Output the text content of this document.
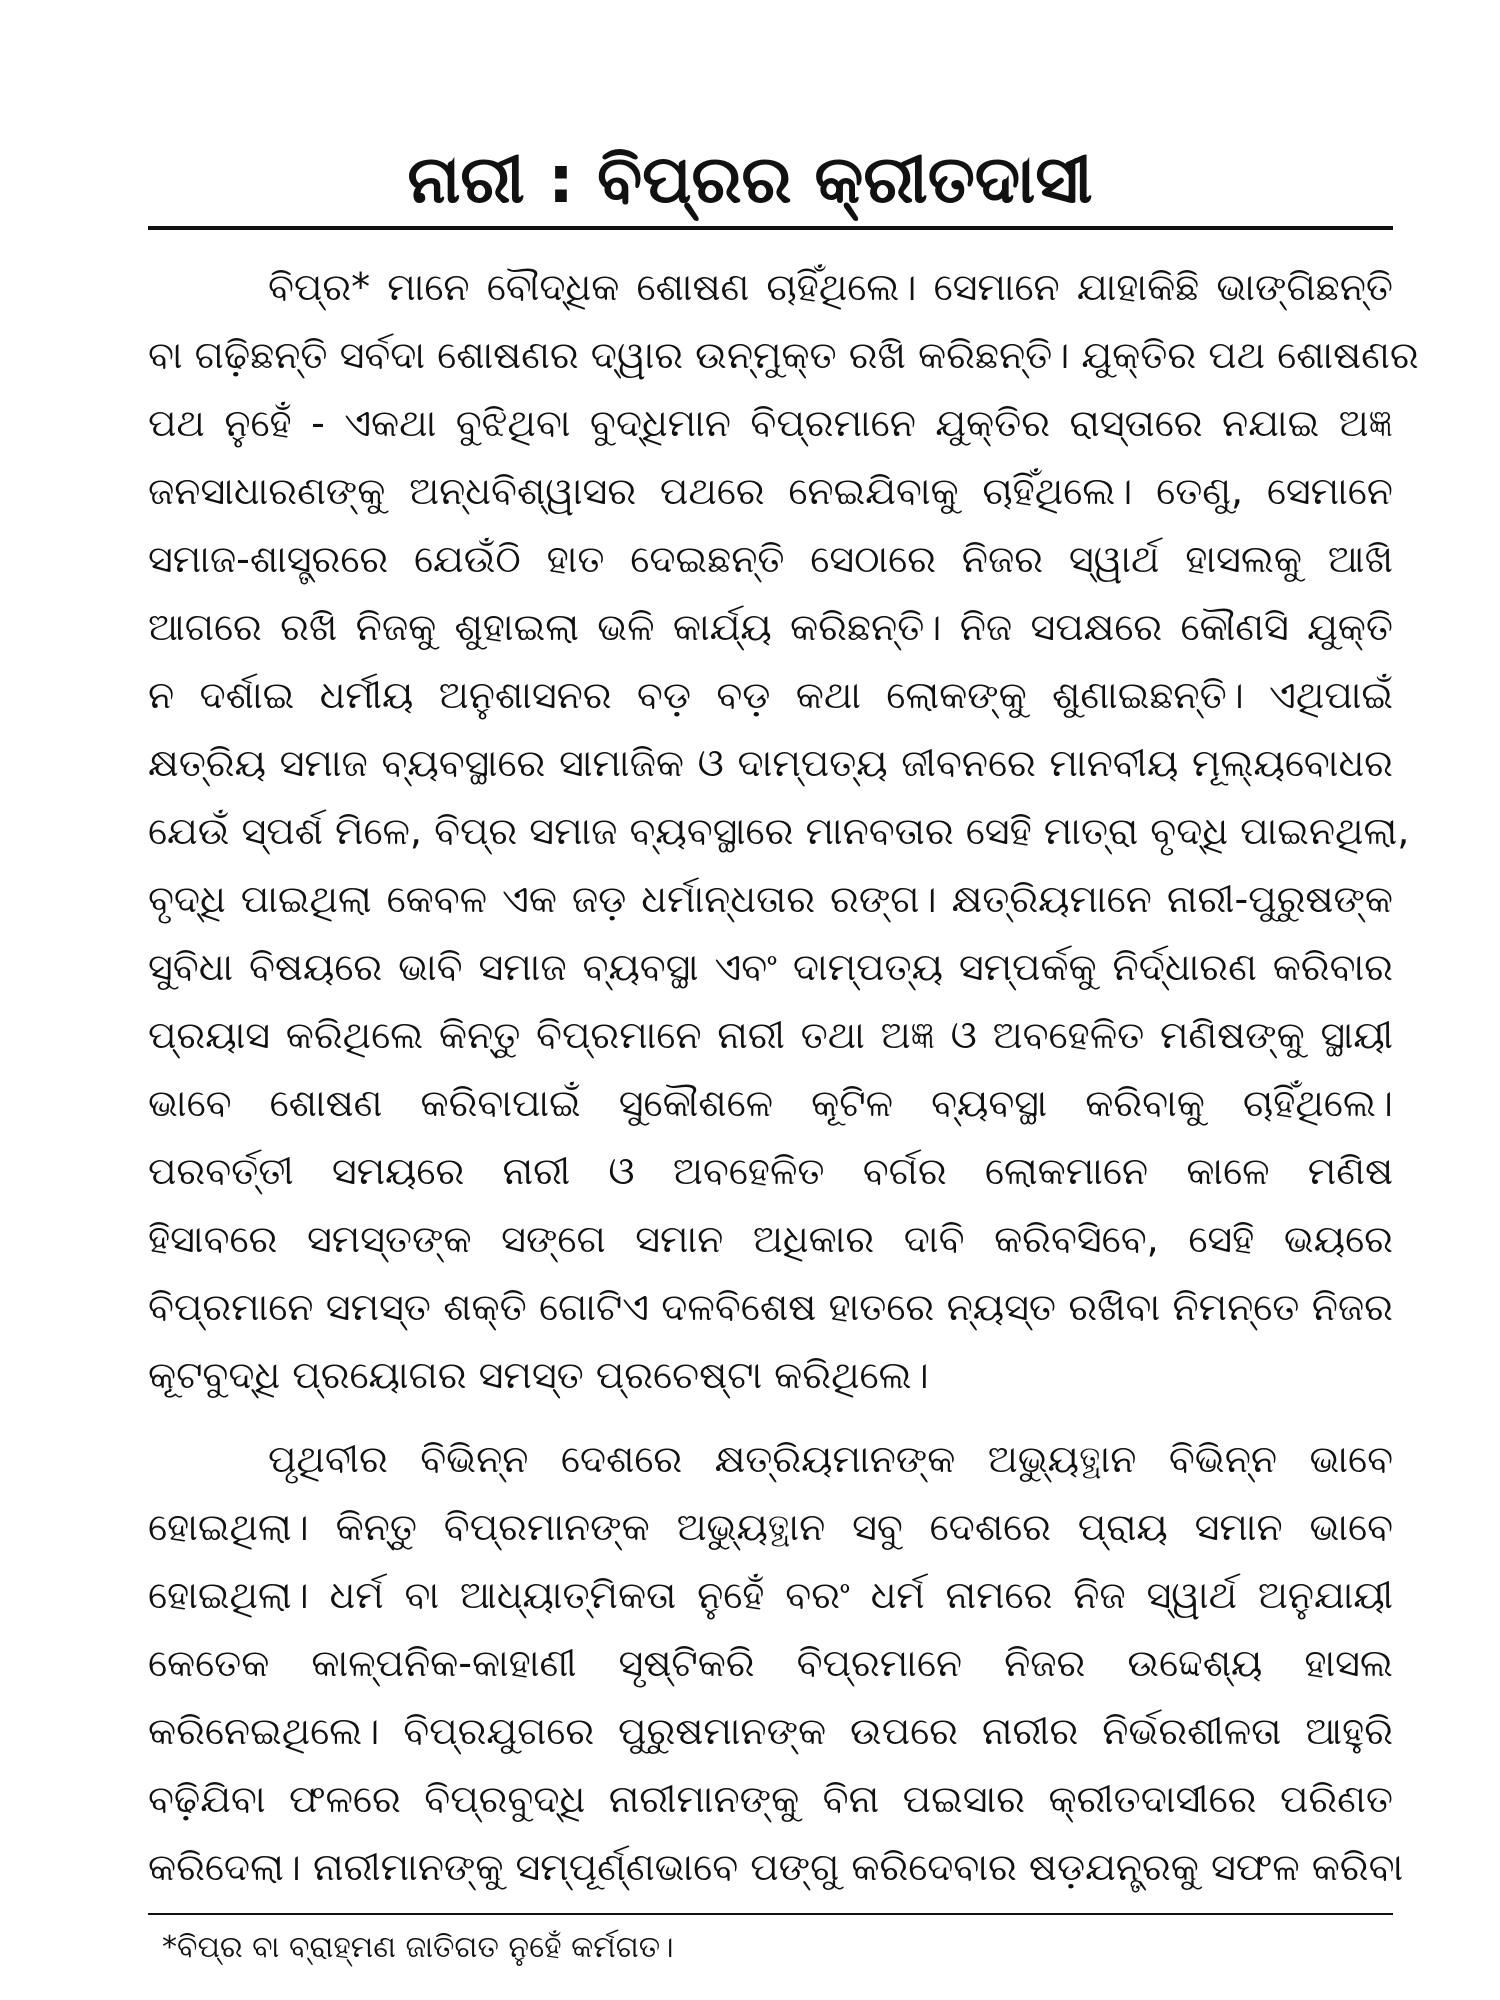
ନାରୀ : ବିପ୍ରର କ୍ରୀତଦାସୀ
ବିପ୍ର* ମାନେ ବୌଦ୍ଧିକ ଶୋଷଣ ଚାହିଁଥିଲେ। ସେମାନେ ଯାହାକିଛି ଭାଙ୍ଗିଛନ୍ତି
ବା ଗଢ଼ିଛନ୍ତି ସର୍ବଦା ଶୋଷଣର ଦ୍ୱାର ଉନ୍ମୁକ୍ତ ରଖି କରିଛନ୍ତି। ଯୁକ୍ତିର ପଥ ଶୋଷଣର
ପଥ ନୁହେଁ - ଏକଥା ବୁଝିଥିବା ବୁଦ୍ଧିମାନ ବିପ୍ରମାନେ ଯୁକ୍ତିର ରାସ୍ତାରେ ନଯାଇ ଅଜ୍ଞ
ଜନସାଧାରଣଙ୍କୁ ଅନ୍ଧବିଶ୍ୱାସର ପଥରେ ନେଇଯିବାକୁ ଚାହିଁଥିଲେ। ତେଣୁ, ସେମାନେ
ସମାଜ-ଶାସ୍ତ୍ରରେ ଯେଉଁଠି ହାତ ଦେଇଛନ୍ତି ସେଠାରେ ନିଜର ସ୍ୱାର୍ଥ ହାସଲକୁ ଆଖି
ଆଗରେ ରଖି ନିଜକୁ ଶୁହାଇଲା ଭଳି କାର୍ଯ୍ୟ କରିଛନ୍ତି। ନିଜ ସପକ୍ଷରେ କୌଣସି ଯୁକ୍ତି
ନ ଦର୍ଶାଇ ଧର୍ମୀୟ ଅନୁଶାସନର ବଡ଼ ବଡ଼ କଥା ଲୋକଙ୍କୁ ଶୁଣାଇଛନ୍ତି। ଏଥିପାଇଁ
କ୍ଷତ୍ରିୟ ସମାଜ ବ୍ୟବସ୍ଥାରେ ସାମାଜିକ ଓ ଦାମ୍ପତ୍ୟ ଜୀବନରେ ମାନବୀୟ ମୂଲ୍ୟବୋଧର
ଯେଉଁ ସ୍ପର୍ଶ ମିଳେ, ବିପ୍ର ସମାଜ ବ୍ୟବସ୍ଥାରେ ମାନବତାର ସେହି ମାତ୍ରା ବୃଦ୍ଧି ପାଇନଥିଲା,
ବୃଦ୍ଧି ପାଇଥିଲା କେବଳ ଏକ ଜଡ଼ ଧର୍ମାନ୍ଧତାର ରଙ୍ଗ। କ୍ଷତ୍ରିୟମାନେ ନାରୀ-ପୁରୁଷଙ୍କ
ସୁବିଧା ବିଷୟରେ ଭାବି ସମାଜ ବ୍ୟବସ୍ଥା ଏବଂ ଦାମ୍ପତ୍ୟ ସମ୍ପର୍କକୁ ନିର୍ଦ୍ଧାରଣ କରିବାର
ପ୍ରୟାସ କରିଥିଲେ କିନ୍ତୁ ବିପ୍ରମାନେ ନାରୀ ତଥା ଅଜ୍ଞ ଓ ଅବହେଳିତ ମଣିଷଙ୍କୁ ସ୍ଥାୟୀ
ଭାବେ ଶୋଷଣ କରିବାପାଇଁ ସୁକୌଶଳେ କୂଟିଳ ବ୍ୟବସ୍ଥା କରିବାକୁ ଚାହିଁଥିଲେ।
ପରବର୍ତ୍ତୀ ସମୟରେ ନାରୀ ଓ ଅବହେଳିତ ବର୍ଗର ଲୋକମାନେ କାଳେ ମଣିଷ
ହିସାବରେ ସମସ୍ତଙ୍କ ସଙ୍ଗେ ସମାନ ଅଧିକାର ଦାବି କରିବସିବେ, ସେହି ଭୟରେ
ବିପ୍ରମାନେ ସମସ୍ତ ଶକ୍ତି ଗୋଟିଏ ଦଳବିଶେଷ ହାତରେ ନ୍ୟସ୍ତ ରଖିବା ନିମନ୍ତେ ନିଜର
କୂଟବୁଦ୍ଧି ପ୍ରୟୋଗର ସମସ୍ତ ପ୍ରଚେଷ୍ଟା କରିଥିଲେ।
ପୃଥିବୀର ବିଭିନ୍ନ ଦେଶରେ କ୍ଷତ୍ରିୟମାନଙ୍କ ଅଭ୍ୟୁତ୍ଥାନ ବିଭିନ୍ନ ଭାବେ
ହୋଇଥିଲା। କିନ୍ତୁ ବିପ୍ରମାନଙ୍କ ଅଭ୍ୟୁତ୍ଥାନ ସବୁ ଦେଶରେ ପ୍ରାୟ ସମାନ ଭାବେ
ହୋଇଥିଲା। ଧର୍ମ ବା ଆଧ୍ୟାତ୍ମିକତା ନୁହେଁ ବରଂ ଧର୍ମ ନାମରେ ନିଜ ସ୍ୱାର୍ଥ ଅନୁଯାୟୀ
କେତେକ କାଳ୍ପନିକ-କାହାଣୀ ସୃଷ୍ଟିକରି ବିପ୍ରମାନେ ନିଜର ଉଦ୍ଦେଶ୍ୟ ହାସଲ
କରିନେଇଥିଲେ। ବିପ୍ରଯୁଗରେ ପୁରୁଷମାନଙ୍କ ଉପରେ ନାରୀର ନିର୍ଭରଶୀଳତା ଆହୁରି
ବଢ଼ିଯିବା ଫଳରେ ବିପ୍ରବୁଦ୍ଧି ନାରୀମାନଙ୍କୁ ବିନା ପଇସାର କ୍ରୀତଦାସୀରେ ପରିଣତ
କରିଦେଲା। ନାରୀମାନଙ୍କୁ ସମ୍ପୂର୍ଣ୍ଣଭାବେ ପଙ୍ଗୁ କରିଦେବାର ଷଡ଼ଯନ୍ତ୍ରକୁ ସଫଳ କରିବା
*ବିପ୍ର ବା ବ୍ରାହ୍ମଣ ଜାତିଗତ ନୁହେଁ କର୍ମଗତ।
